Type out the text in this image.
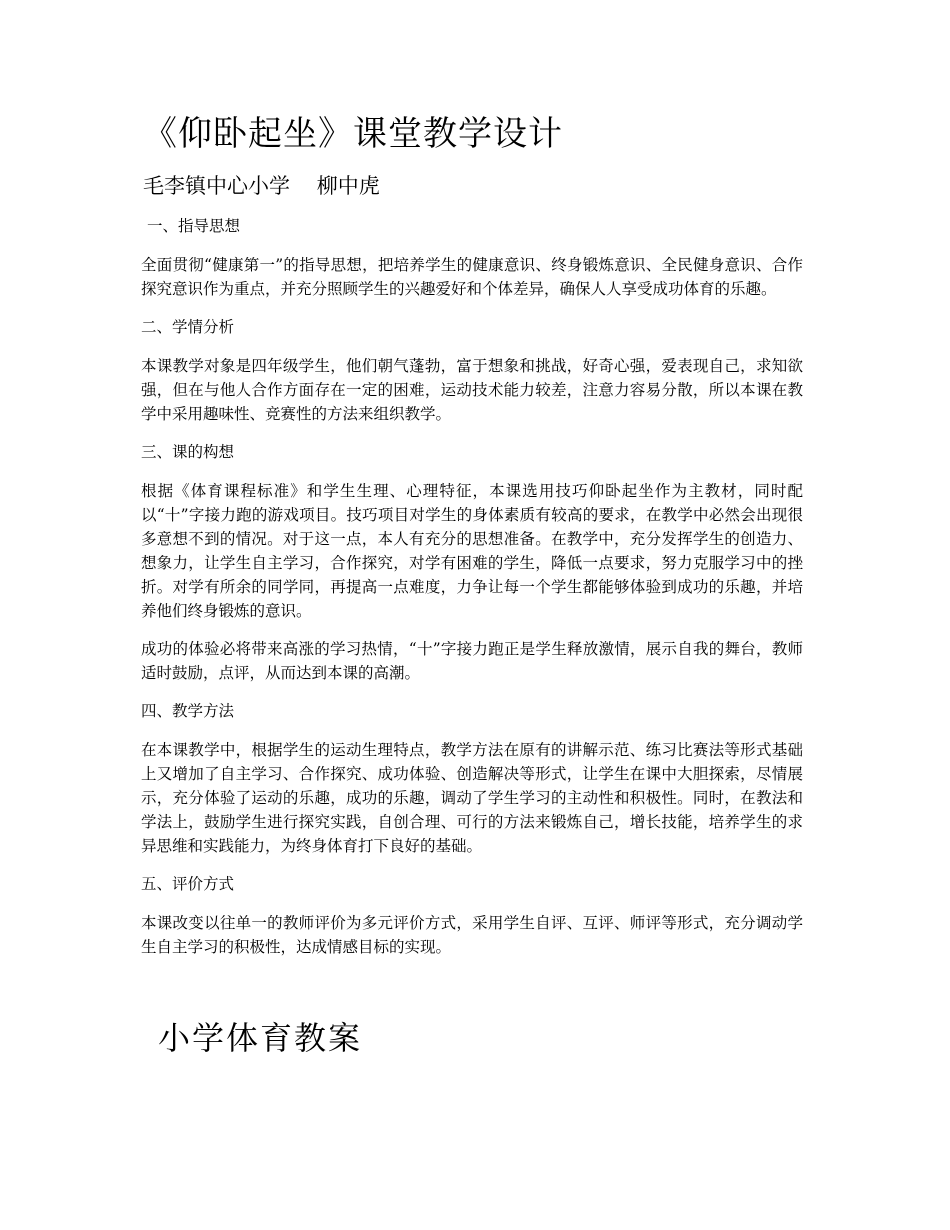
《仰卧起坐》课堂教学设计

毛李镇中心小学    柳中虎

一、指导思想

全面贯彻“健康第一”的指导思想，把培养学生的健康意识、终身锻炼意识、全民健身意识、合作探究意识作为重点，并充分照顾学生的兴趣爱好和个体差异，确保人人享受成功体育的乐趣。

二、学情分析

本课教学对象是四年级学生，他们朝气蓬勃，富于想象和挑战，好奇心强，爱表现自己，求知欲强，但在与他人合作方面存在一定的困难，运动技术能力较差，注意力容易分散，所以本课在教学中采用趣味性、竞赛性的方法来组织教学。

三、课的构想

根据《体育课程标准》和学生生理、心理特征，本课选用技巧仰卧起坐作为主教材，同时配以“十”字接力跑的游戏项目。技巧项目对学生的身体素质有较高的要求，在教学中必然会出现很多意想不到的情况。对于这一点，本人有充分的思想准备。在教学中，充分发挥学生的创造力、想象力，让学生自主学习，合作探究，对学有困难的学生，降低一点要求，努力克服学习中的挫折。对学有所余的同学同，再提高一点难度，力争让每一个学生都能够体验到成功的乐趣，并培养他们终身锻炼的意识。

成功的体验必将带来高涨的学习热情，“十”字接力跑正是学生释放激情，展示自我的舞台，教师适时鼓励，点评，从而达到本课的高潮。

四、教学方法

在本课教学中，根据学生的运动生理特点，教学方法在原有的讲解示范、练习比赛法等形式基础上又增加了自主学习、合作探究、成功体验、创造解决等形式，让学生在课中大胆探索，尽情展示，充分体验了运动的乐趣，成功的乐趣，调动了学生学习的主动性和积极性。同时，在教法和学法上，鼓励学生进行探究实践，自创合理、可行的方法来锻炼自己，增长技能，培养学生的求异思维和实践能力，为终身体育打下良好的基础。

五、评价方式

本课改变以往单一的教师评价为多元评价方式，采用学生自评、互评、师评等形式，充分调动学生自主学习的积极性，达成情感目标的实现。

小学体育教案
